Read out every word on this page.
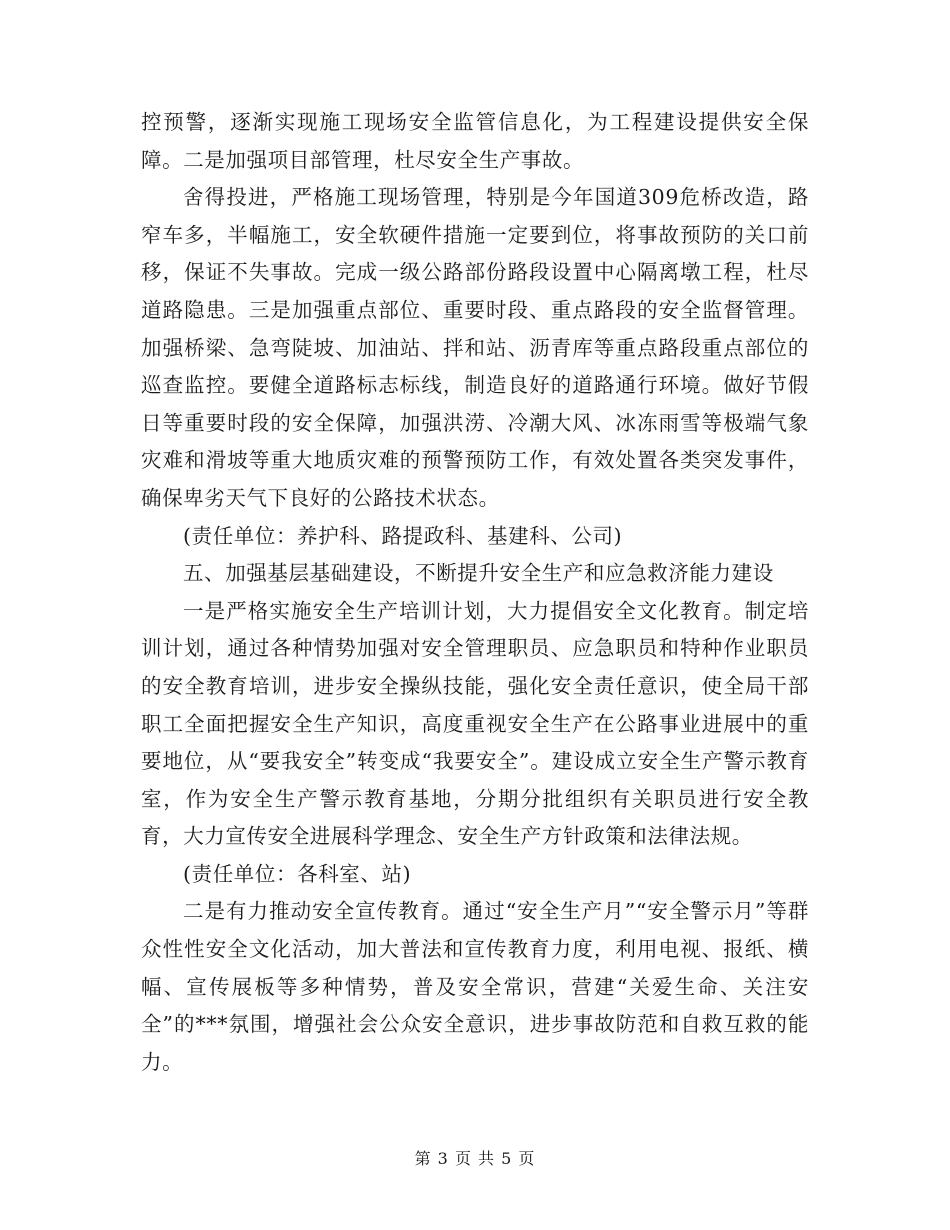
控预警，逐渐实现施工现场安全监管信息化，为工程建设提供安全保障。二是加强项目部管理，杜尽安全生产事故。

舍得投进，严格施工现场管理，特别是今年国道309危桥改造，路窄车多，半幅施工，安全软硬件措施一定要到位，将事故预防的关口前移，保证不失事故。完成一级公路部份路段设置中心隔离墩工程，杜尽道路隐患。三是加强重点部位、重要时段、重点路段的安全监督管理。加强桥梁、急弯陡坡、加油站、拌和站、沥青库等重点路段重点部位的巡查监控。要健全道路标志标线，制造良好的道路通行环境。做好节假日等重要时段的安全保障，加强洪涝、冷潮大风、冰冻雨雪等极端气象灾难和滑坡等重大地质灾难的预警预防工作，有效处置各类突发事件，确保卑劣天气下良好的公路技术状态。

(责任单位：养护科、路提政科、基建科、公司)

五、加强基层基础建设，不断提升安全生产和应急救济能力建设

一是严格实施安全生产培训计划，大力提倡安全文化教育。制定培训计划，通过各种情势加强对安全管理职员、应急职员和特种作业职员的安全教育培训，进步安全操纵技能，强化安全责任意识，使全局干部职工全面把握安全生产知识，高度重视安全生产在公路事业进展中的重要地位，从“要我安全”转变成“我要安全”。建设成立安全生产警示教育室，作为安全生产警示教育基地，分期分批组织有关职员进行安全教育，大力宣传安全进展科学理念、安全生产方针政策和法律法规。

(责任单位：各科室、站)

二是有力推动安全宣传教育。通过“安全生产月”“安全警示月”等群众性性安全文化活动，加大普法和宣传教育力度，利用电视、报纸、横幅、宣传展板等多种情势，普及安全常识，营建“关爱生命、关注安全”的***氛围，增强社会公众安全意识，进步事故防范和自救互救的能力。

第 3 页 共 5 页
